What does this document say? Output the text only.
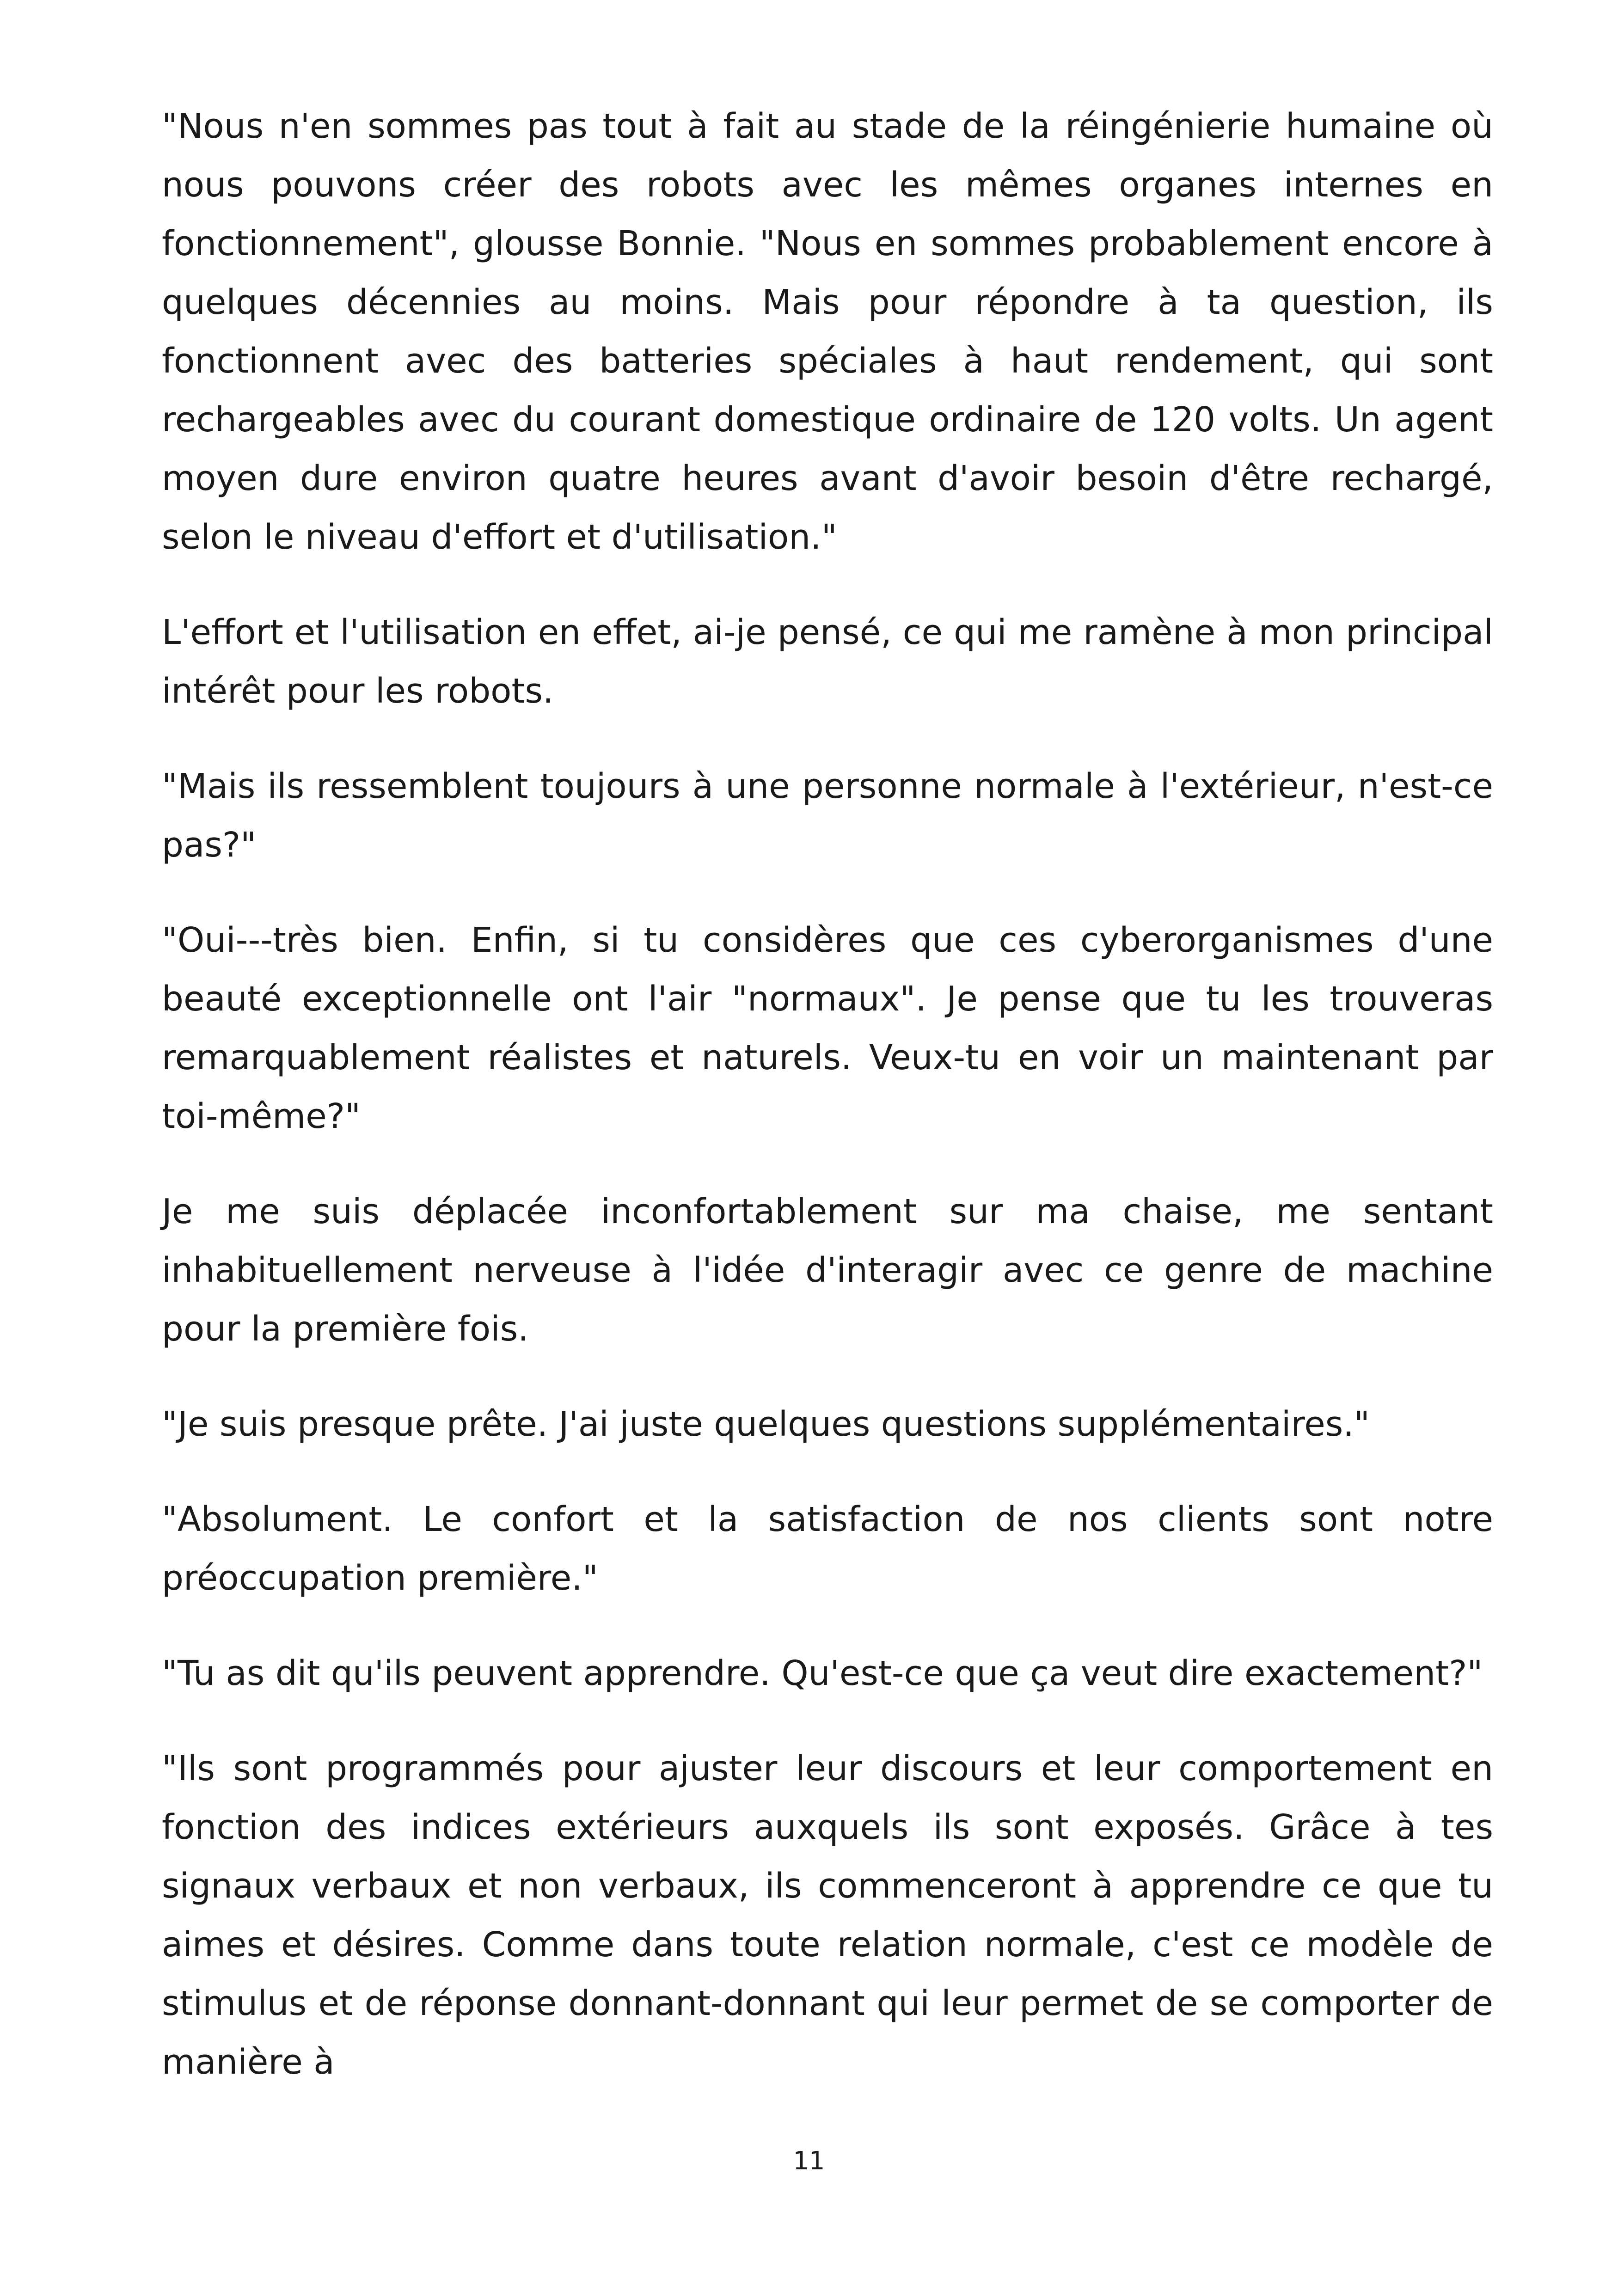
"Nous n'en sommes pas tout à fait au stade de la réingénierie humaine où nous pouvons créer des robots avec les mêmes organes internes en fonctionnement", glousse Bonnie. "Nous en sommes probablement encore à quelques décennies au moins. Mais pour répondre à ta question, ils fonctionnent avec des batteries spéciales à haut rendement, qui sont rechargeables avec du courant domestique ordinaire de 120 volts. Un agent moyen dure environ quatre heures avant d'avoir besoin d'être rechargé, selon le niveau d'effort et d'utilisation."

L'effort et l'utilisation en effet, ai-je pensé, ce qui me ramène à mon principal intérêt pour les robots.

"Mais ils ressemblent toujours à une personne normale à l'extérieur, n'est-ce pas?"

"Oui---très bien. Enfin, si tu considères que ces cyberorganismes d'une beauté exceptionnelle ont l'air "normaux". Je pense que tu les trouveras remarquablement réalistes et naturels. Veux-tu en voir un maintenant par toi-même?"

Je me suis déplacée inconfortablement sur ma chaise, me sentant inhabituellement nerveuse à l'idée d'interagir avec ce genre de machine pour la première fois.

"Je suis presque prête. J'ai juste quelques questions supplémentaires."

"Absolument. Le confort et la satisfaction de nos clients sont notre préoccupation première."

"Tu as dit qu'ils peuvent apprendre. Qu'est-ce que ça veut dire exactement?"

"Ils sont programmés pour ajuster leur discours et leur comportement en fonction des indices extérieurs auxquels ils sont exposés. Grâce à tes signaux verbaux et non verbaux, ils commenceront à apprendre ce que tu aimes et désires. Comme dans toute relation normale, c'est ce modèle de stimulus et de réponse donnant-donnant qui leur permet de se comporter de manière à

11
